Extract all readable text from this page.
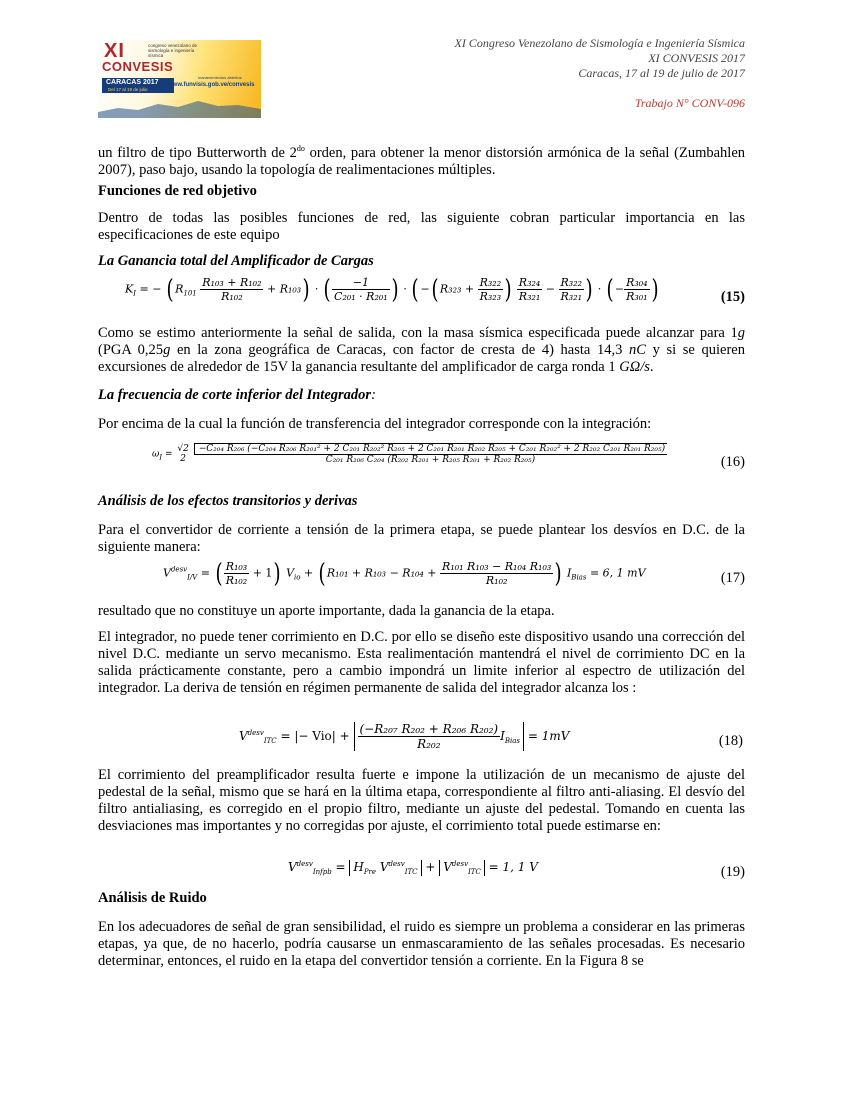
XI	congreso venezolano de sismología e ingeniería sísmica
CONVESIS
CARACAS 2017
Del 17 al 19 de julio
mantenimientos abiertos
www.funvisis.gob.ve/convesis
XI Congreso Venezolano de Sismología e Ingeniería Sísmica
XI CONVESIS 2017
Caracas, 17 al 19 de julio de 2017
Trabajo N° CONV-096
un filtro de tipo Butterworth de $2^{do}$ orden, para obtener la menor distorsión armónica de la señal (Zumbahlen 2007), paso bajo, usando la topología de realimentaciones múltiples.
Funciones de red objetivo
Dentro de todas las posibles funciones de red, las siguiente cobran particular importancia en las especificaciones de este equipo
La Ganancia total del Amplificador de Cargas
$K_I$ = − ( $R_{101} \frac{\text{R₁₀₃ + R₁₀₂}}{\text{R₁₀₂}} + R_{103}$) · ( $\frac{-1}{\text{C₂₀₁ · R₂₀₁}}$ ) · ( −( $R_{323} + \frac{\text{R₃₂₂}}{\text{R₃₂₃}}$ ) $\frac{\text{R₃₂₄}}{\text{R₃₂₁}} - \frac{\text{R₃₂₂}}{\text{R₃₂₁}}$ ) · ( − $\frac{\text{R₃₀₄}}{\text{R₃₀₁}}$ )	(15)
Como se estimo anteriormente la señal de salida, con la masa sísmica especificada puede alcanzar para 1g (PGA 0,25g en la zona geográfica de Caracas, con factor de cresta de 4) hasta 14,3 nC y si se quieren excursiones de alrededor de 15V la ganancia resultante del amplificador de carga ronda 1 GΩ/s.
La frecuencia de corte inferior del Integrador:
Por encima de la cual la función de transferencia del integrador corresponde con la integración:
$\omega_I$ =
√2
2

−C₂₀₄ R₂₀₆ (−C₂₀₄ R₂₀₆ R₂₀₁² + 2 C₂₀₁ R₂₀₂² R₂₀₅ + 2 C₂₀₁ R₂₀₁ R₂₀₂ R₂₀₅ + C₂₀₁ R₂₀₂² + 2 R₂₀₂ C₂₀₁ R₂₀₁ R₂₀₅)
C₂₀₁ R₂₀₆ C₂₀₄ (R₂₀₂ R₂₀₁ + R₂₀₅ R₂₀₁ + R₂₀₂ R₂₀₅)	(16)
Análisis de los efectos transitorios y derivas
Para el convertidor de corriente a tensión de la primera etapa, se puede plantear los desvíos en D.C. de la siguiente manera:
$V^{desv}_{I/V}$ = ( $\frac{\text{R₁₀₃}}{\text{R₁₀₂}} + 1$) $V_{io}$ + ( $R_{101} + R_{103} - R_{104} + \frac{\text{R₁₀₁ R₁₀₃ − R₁₀₄ R₁₀₃}}{\text{R₁₀₂}}$ ) $I_{Bias} = 6$, 1 mV	(17)
resultado que no constituye un aporte importante, dada la ganancia de la etapa.
El integrador, no puede tener corrimiento en D.C. por ello se diseño este dispositivo usando una corrección del nivel D.C. mediante un servo mecanismo. Esta realimentación mantendrá el nivel de corrimiento DC en la salida prácticamente constante, pero a cambio impondrá un limite inferior al espectro de utilización del integrador. La deriva de tensión en régimen permanente de salida del integrador alcanza los :
$V^{desv}_{ITC}$ = |− $Vio| + \frac{\text{(−R₂₀₇ R₂₀₂ + R₂₀₆ R₂₀₂)}}{\text{R₂₀₂}} I_{Bias} = 1mV$	(18)
El corrimiento del preamplificador resulta fuerte e impone la utilización de un mecanismo de ajuste del pedestal de la señal, mismo que se hará en la última etapa, correspondiente al filtro anti-aliasing. El desvío del filtro antialiasing, es corregido en el propio filtro, mediante un ajuste del pedestal. Tomando en cuenta las desviaciones mas importantes y no corregidas por ajuste, el corrimiento total puede estimarse en:
$V^{desv}_{Infpb} = H_{Pre}$ $V^{desv}_{ITC} + V^{desv}_{ITC} = 1$, 1 V	(19)
Análisis de Ruido
En los adecuadores de señal de gran sensibilidad, el ruido es siempre un problema a considerar en las primeras etapas, ya que, de no hacerlo, podría causarse un enmascaramiento de las señales procesadas. Es necesario determinar, entonces, el ruido en la etapa del convertidor tensión a corriente. En la Figura 8 se
